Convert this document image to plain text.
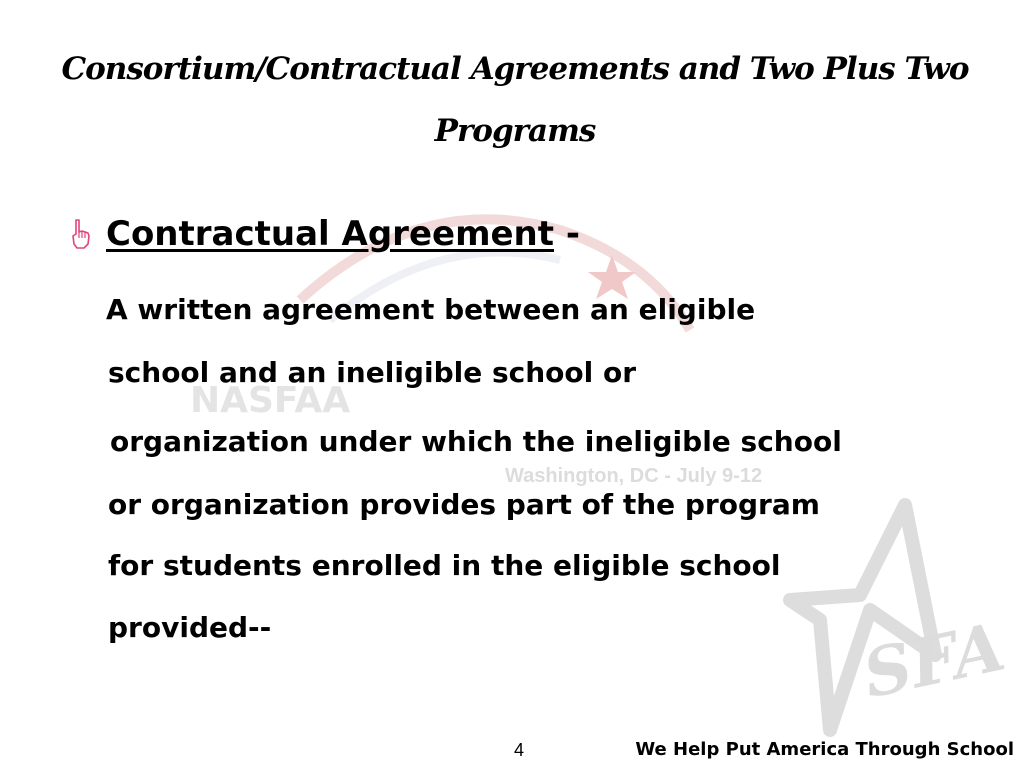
NASFAA
Washington, DC - July 9-12
SFA
Consortium/Contractual Agreements and Two Plus Two Programs
Contractual Agreement -

A written agreement between an eligible

school and an ineligible school or

organization under which the ineligible school

or organization provides part of the program

for students enrolled in the eligible school

provided--

4	We Help Put America Through School
